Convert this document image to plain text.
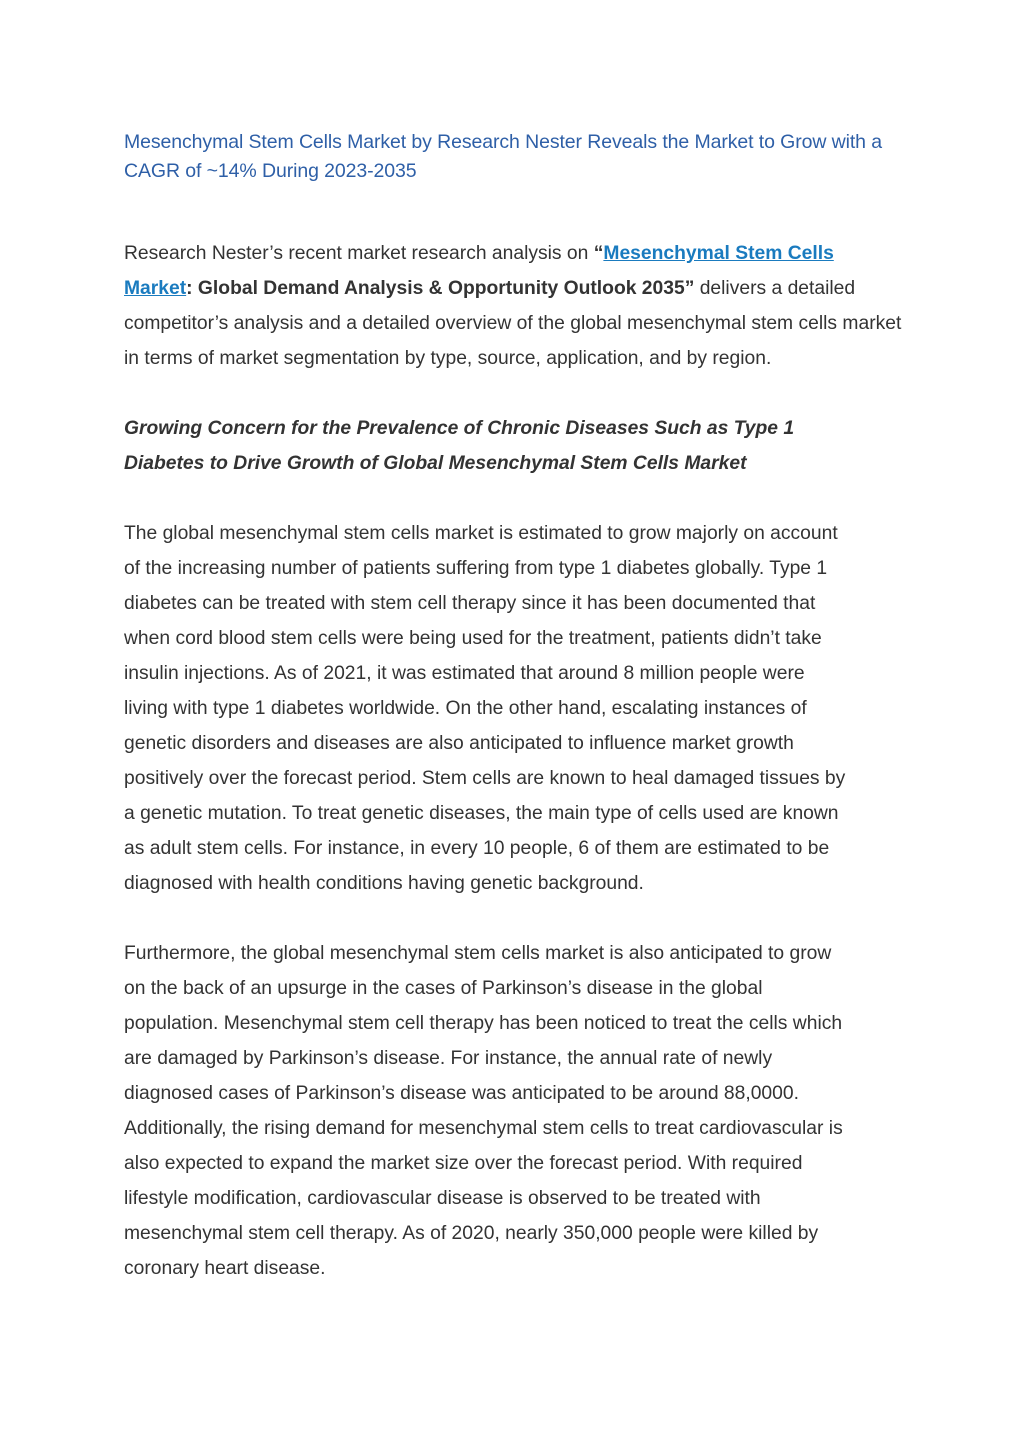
Mesenchymal Stem Cells Market by Research Nester Reveals the Market to Grow with a
CAGR of ~14% During 2023-2035

Research Nester’s recent market research analysis on “Mesenchymal Stem Cells
Market: Global Demand Analysis & Opportunity Outlook 2035” delivers a detailed competitor’s analysis and a detailed overview of the global mesenchymal stem cells market in terms of market segmentation by type, source, application, and by region.

Growing Concern for the Prevalence of Chronic Diseases Such as Type 1
Diabetes to Drive Growth of Global Mesenchymal Stem Cells Market

The global mesenchymal stem cells market is estimated to grow majorly on account
of the increasing number of patients suffering from type 1 diabetes globally. Type 1
diabetes can be treated with stem cell therapy since it has been documented that
when cord blood stem cells were being used for the treatment, patients didn’t take
insulin injections. As of 2021, it was estimated that around 8 million people were
living with type 1 diabetes worldwide. On the other hand, escalating instances of
genetic disorders and diseases are also anticipated to influence market growth
positively over the forecast period. Stem cells are known to heal damaged tissues by
a genetic mutation. To treat genetic diseases, the main type of cells used are known
as adult stem cells. For instance, in every 10 people, 6 of them are estimated to be
diagnosed with health conditions having genetic background.

Furthermore, the global mesenchymal stem cells market is also anticipated to grow
on the back of an upsurge in the cases of Parkinson’s disease in the global
population. Mesenchymal stem cell therapy has been noticed to treat the cells which
are damaged by Parkinson’s disease. For instance, the annual rate of newly
diagnosed cases of Parkinson’s disease was anticipated to be around 88,0000.
Additionally, the rising demand for mesenchymal stem cells to treat cardiovascular is
also expected to expand the market size over the forecast period. With required
lifestyle modification, cardiovascular disease is observed to be treated with
mesenchymal stem cell therapy. As of 2020, nearly 350,000 people were killed by
coronary heart disease.
